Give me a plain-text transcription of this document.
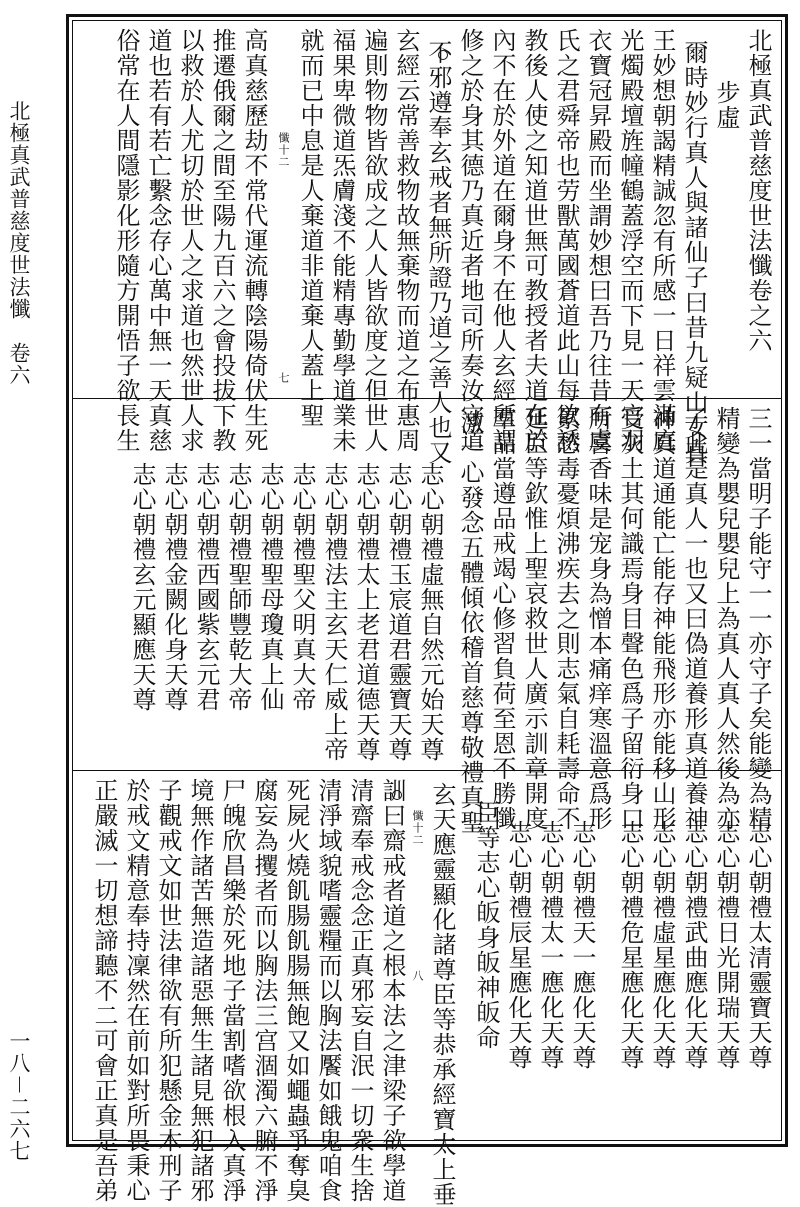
北極真武普慈度世法懺　卷六
一八－二六七
北極真武普慈度世法懺卷之六
步虛
爾時妙行真人與諸仙子曰昔九疑山女真
王妙想朝謁精誠忽有所感一日祥雲滿庭
光燭殿壇旌幢鶴蓋浮空而下見一天官羽
衣寶冠昇殿而坐謂妙想曰吾乃往昔有虞
氏之君舜帝也劳獸萬國蒼道此山每欲誘
教後人使之知道世無可教授者夫道在於
內不在於外道在爾身不在他人玄經所謂
修之於身其德乃真近者地司所奏汝守道
不邪遵奉玄戒者無所證乃道之善人也又
玄經云常善救物故無棄物而道之布惠周
遍則物物皆欲成之人人皆欲度之但世人
福果卑微道炁膚淺不能精專勤學道業未
就而已中息是人棄道非道棄人蓋上聖
懺十二
七
高真慈歷劫不常代運流轉陰陽倚伏生死
推遷俄爾之間至陽九百六之會投拔下教
以救於人尤切於世人之求道也然世人求
道也若有若亡繫念存心萬中無一天真慈
俗常在人間隱影化形隨方開悟子欲長生
三一當明子能守一一亦守子矣能變為精
精變為嬰兒嬰兒上為真人真人然後為亦
子此是真人一也又曰偽道養形真道養神
神真道通能亡能存神能飛形亦能移山形
受灰土其何識焉身目聲色爲子留衍身口
所喜香味是宠身為憎本痛痒寒溫意爲形
累愁毒憂煩沸疾去之則志氣自耗壽命不
延臣等欽惟上聖哀救世人廣示訓章開度
羣品當遵品戒竭心修習負荷至恩不勝懺
激一心發念五體傾依稽首慈尊敬禮真聖
志心朝禮虛無自然元始天尊
志心朝禮玉宸道君靈寶天尊
志心朝禮太上老君道德天尊
志心朝禮法主玄天仁威上帝
志心朝禮聖父明真大帝
志心朝禮聖母瓊真上仙
志心朝禮聖師豐乾大帝
志心朝禮西國紫玄元君
志心朝禮金闕化身天尊
志心朝禮玄元顯應天尊
志心朝禮太清靈寶天尊
志心朝禮日光開瑞天尊
志心朝禮武曲應化天尊
志心朝禮虛星應化天尊
志心朝禮危星應化天尊
志心朝禮天一應化天尊
志心朝禮太一應化天尊
志心朝禮辰星應化天尊
臣等志心皈身皈神皈命
玄天應靈顯化諸尊臣等恭承經寶太上垂
懺十二
八
訓曰齋戒者道之根本法之津梁子欲學道
清齋奉戒念念正真邪妄自泯一切衆生捨
清淨域貌嗜靈糧而以胸法饜如餓鬼咱食
死屍火燒飢腸飢腸無飽又如蠅蟲爭奪臭
腐妄為攫者而以胸法三宫涸濁六腑不淨
尸魄欣昌樂於死地子當割嗜欲根入真淨
境無作諸苦無造諸惡無生諸見無犯諸邪
子觀戒文如世法律欲有所犯懸金木刑子
於戒文精意奉持凜然在前如對所畏秉心
正嚴滅一切想諦聽不二可會正真是吾弟
